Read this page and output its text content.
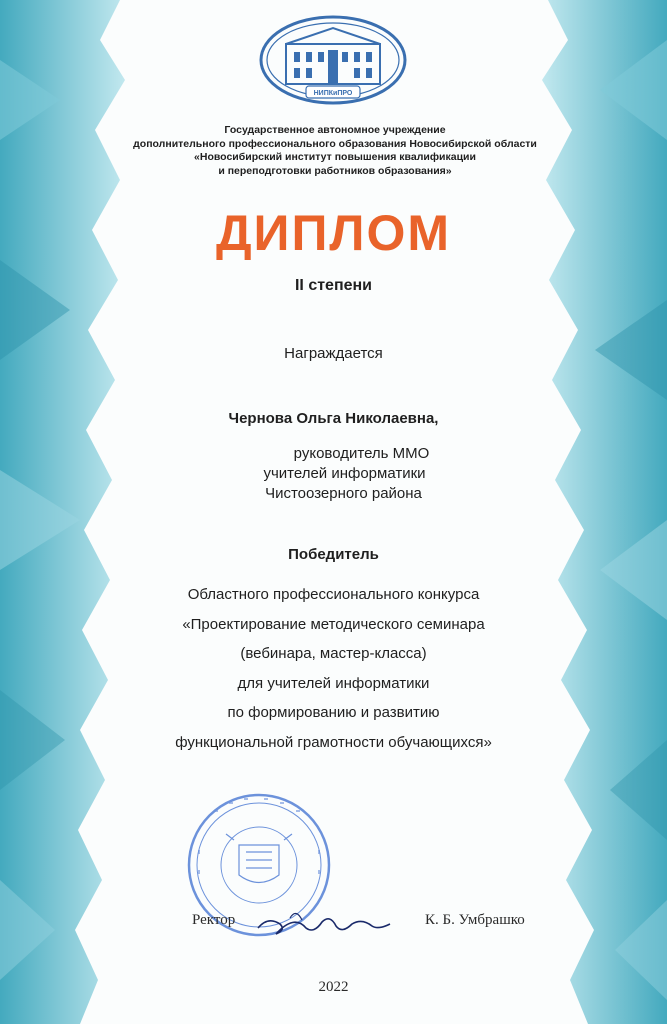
НИПКиПРО
Государственное автономное учреждение
дополнительного профессионального образования Новосибирской области
«Новосибирский институт повышения квалификации
и переподготовки работников образования»
ДИПЛОМ
II степени
Награждается
Чернова Ольга Николаевна,
руководитель ММО
учителей информатики
Чистоозерного района
Победитель
Областного профессионального конкурса
«Проектирование методического семинара
(вебинара, мастер-класса)
для учителей информатики
по формированию и развитию
функциональной грамотности обучающихся»
Ректор	К. Б. Умбрашко
2022
